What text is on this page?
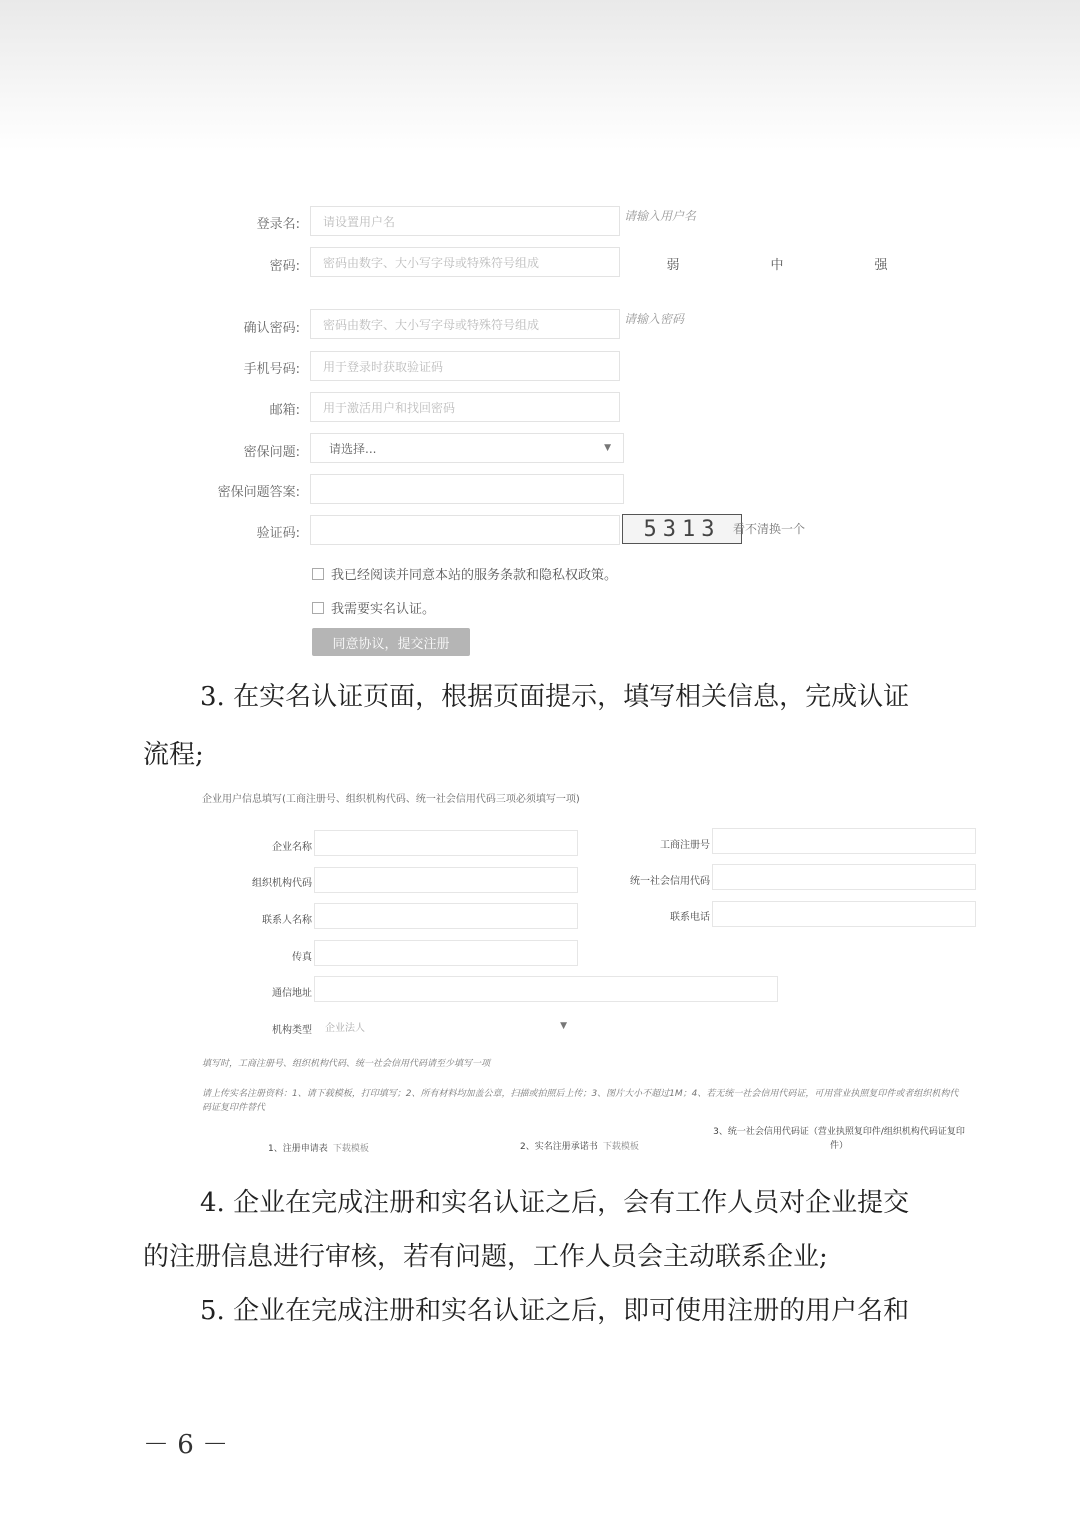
登录名: 请设置用户名	请输入用户名
密码: 密码由数字、大小写字母或特殊符号组成	弱	中	强
确认密码: 密码由数字、大小写字母或特殊符号组成	请输入密码
手机号码: 用于登录时获取验证码
邮箱: 用于激活用户和找回密码
密保问题: 请选择...	▼
密保问题答案:
验证码:	5313	看不清换一个
我已经阅读并同意本站的服务条款和隐私权政策。
我需要实名认证。
同意协议，提交注册
3. 在实名认证页面，根据页面提示，填写相关信息，完成认证
流程;
企业用户信息填写(工商注册号、组织机构代码、统一社会信用代码三项必须填写一项)
企业名称	工商注册号
组织机构代码	统一社会信用代码
联系人名称	联系电话
传真
通信地址
机构类型 企业法人	▼
填写时，工商注册号、组织机构代码、统一社会信用代码请至少填写一项
请上传实名注册资料：1、请下载模板，打印填写；2、所有材料均加盖公章，扫描或拍照后上传；3、图片大小不超过1M；4、若无统一社会信用代码证，可用营业执照复印件或者组织机构代码证复印件替代
1、注册申请表 下载模板	2、实名注册承诺书 下载模板
3、统一社会信用代码证（营业执照复印件/组织机构代码证复印件）
4. 企业在完成注册和实名认证之后，会有工作人员对企业提交
的注册信息进行审核，若有问题，工作人员会主动联系企业;
5. 企业在完成注册和实名认证之后，即可使用注册的用户名和
－ 6 －
